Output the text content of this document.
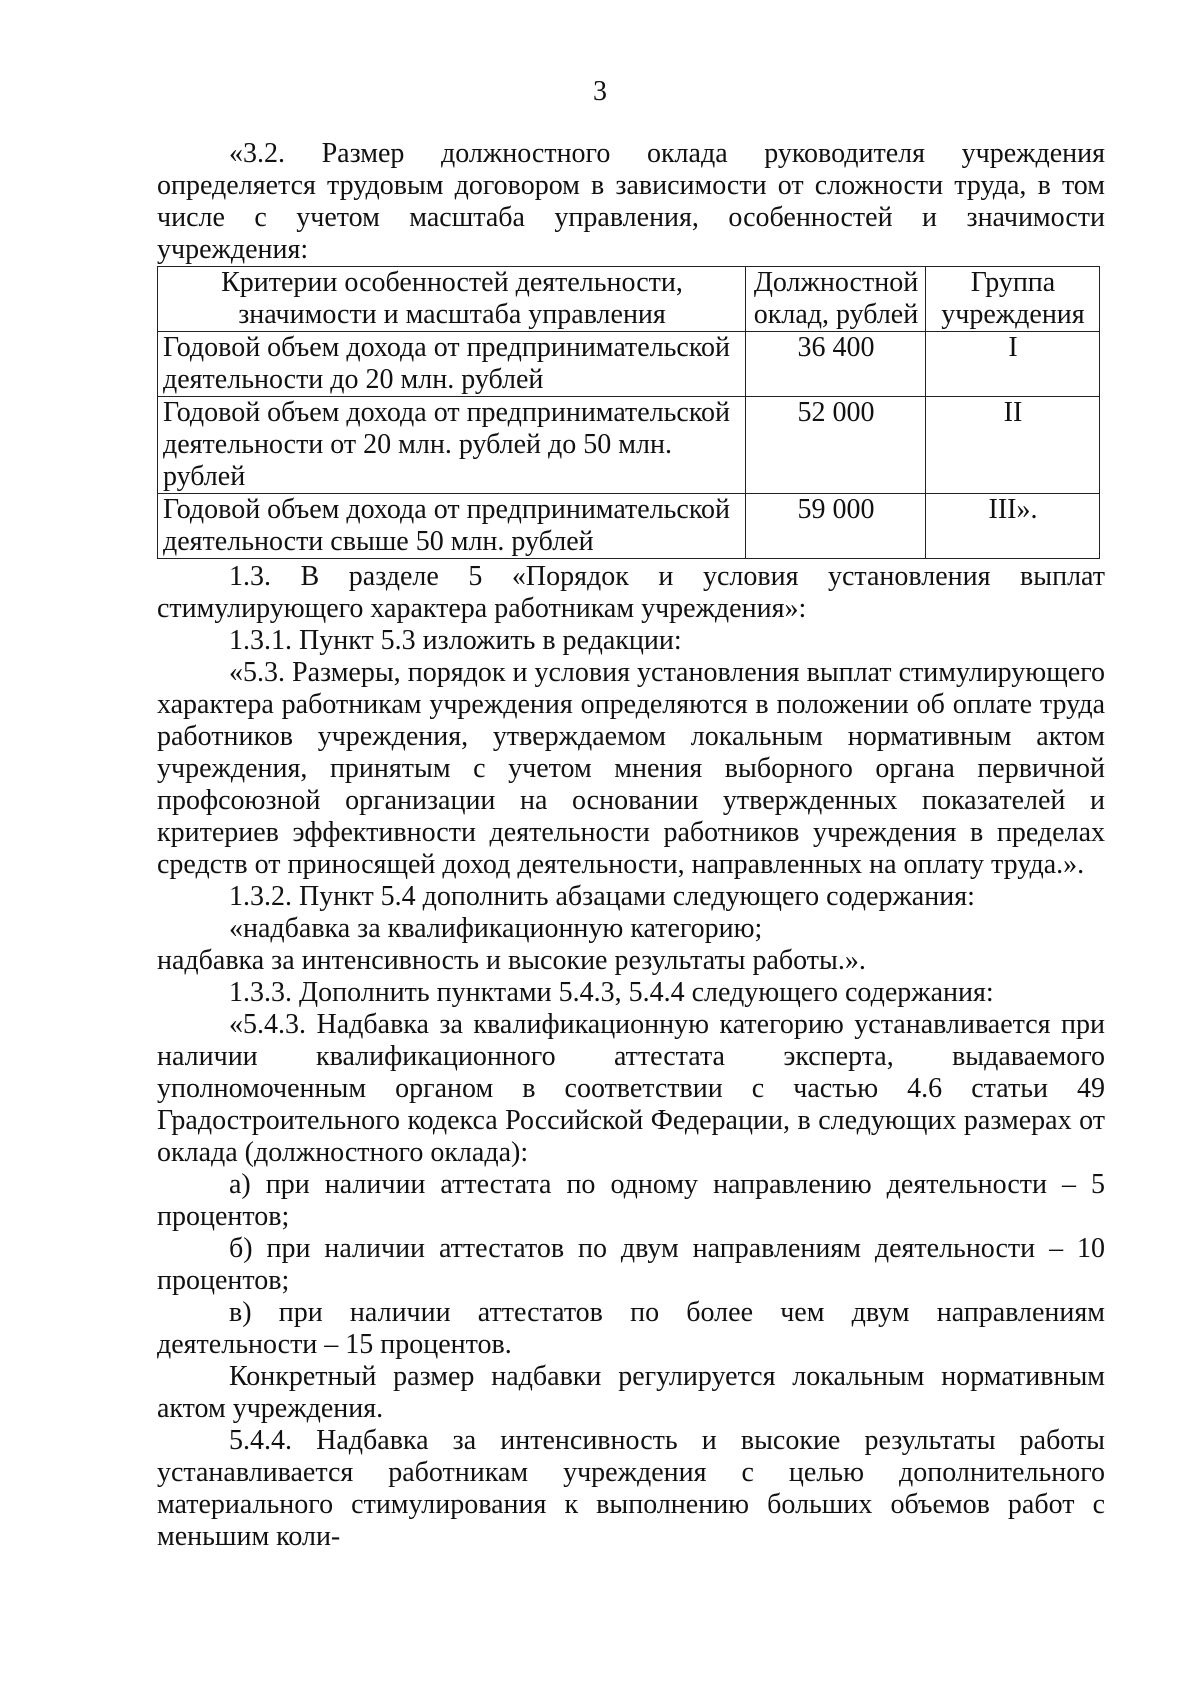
3

«3.2. Размер должностного оклада руководителя учреждения определяется трудовым договором в зависимости от сложности труда, в том числе с учетом масштаба управления, особенностей и значимости учреждения:

Критерии особенностей деятельности, значимости и масштаба управления	Должностной оклад, рублей	Группа учреждения
Годовой объем дохода от предпринимательской деятельности до 20 млн. рублей	36 400	I
Годовой объем дохода от предпринимательской деятельности от 20 млн. рублей до 50 млн. рублей	52 000	II
Годовой объем дохода от предпринимательской деятельности свыше 50 млн. рублей	59 000	III».

1.3. В разделе 5 «Порядок и условия установления выплат стимулирующего характера работникам учреждения»:

1.3.1. Пункт 5.3 изложить в редакции:

«5.3. Размеры, порядок и условия установления выплат стимулирующего характера работникам учреждения определяются в положении об оплате труда работников учреждения, утверждаемом локальным нормативным актом учреждения, принятым с учетом мнения выборного органа первичной профсоюзной организации на основании утвержденных показателей и критериев эффективности деятельности работников учреждения в пределах средств от приносящей доход деятельности, направленных на оплату труда.».

1.3.2. Пункт 5.4 дополнить абзацами следующего содержания:

«надбавка за квалификационную категорию;

надбавка за интенсивность и высокие результаты работы.».

1.3.3. Дополнить пунктами 5.4.3, 5.4.4 следующего содержания:

«5.4.3. Надбавка за квалификационную категорию устанавливается при наличии квалификационного аттестата эксперта, выдаваемого уполномоченным органом в соответствии с частью 4.6 статьи 49 Градостроительного кодекса Российской Федерации, в следующих размерах от оклада (должностного оклада):

а) при наличии аттестата по одному направлению деятельности – 5 процентов;

б) при наличии аттестатов по двум направлениям деятельности – 10 процентов;

в) при наличии аттестатов по более чем двум направлениям деятельности – 15 процентов.

Конкретный размер надбавки регулируется локальным нормативным актом учреждения.

5.4.4. Надбавка за интенсивность и высокие результаты работы устанавливается работникам учреждения с целью дополнительного материального стимулирования к выполнению больших объемов работ с меньшим коли-
